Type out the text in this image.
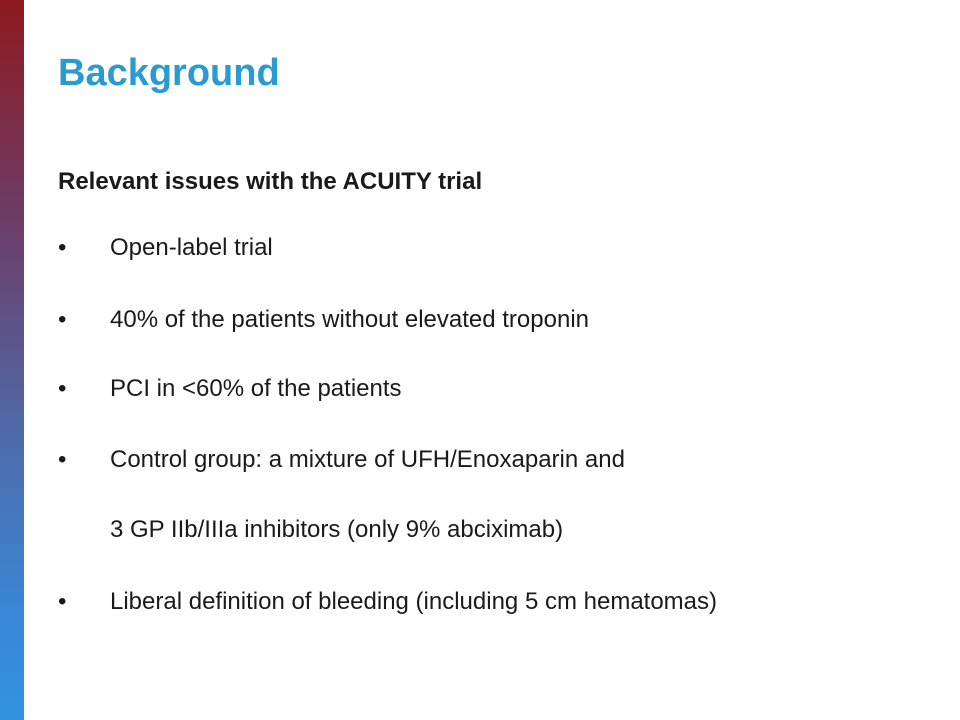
Background
Relevant issues with the ACUITY trial
• Open-label trial
• 40% of the patients without elevated troponin
• PCI in <60% of the patients
• Control group: a mixture of UFH/Enoxaparin and
3 GP IIb/IIIa inhibitors (only 9% abciximab)
• Liberal definition of bleeding (including 5 cm hematomas)
